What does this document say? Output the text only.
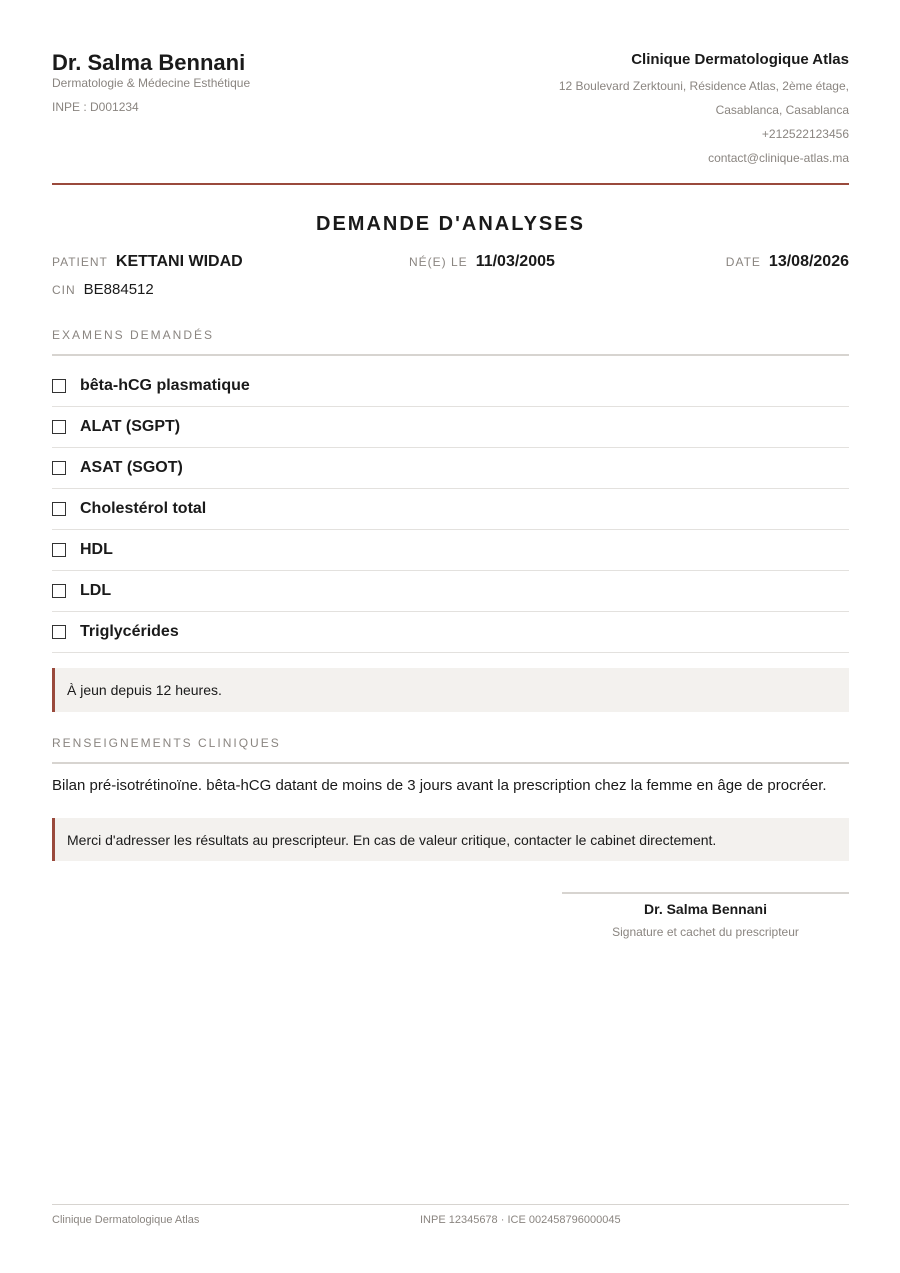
Dr. Salma Bennani
Dermatologie & Médecine Esthétique
INPE : D001234
Clinique Dermatologique Atlas
12 Boulevard Zerktouni, Résidence Atlas, 2ème étage,
Casablanca, Casablanca
+212522123456
contact@clinique-atlas.ma
DEMANDE D'ANALYSES
PATIENT KETTANI WIDAD	NÉ(E) LE 11/03/2005	DATE 13/08/2026
CIN BE884512
EXAMENS DEMANDÉS
bêta-hCG plasmatique
ALAT (SGPT)
ASAT (SGOT)
Cholestérol total
HDL
LDL
Triglycérides
À jeun depuis 12 heures.
RENSEIGNEMENTS CLINIQUES
Bilan pré-isotrétinoïne. bêta-hCG datant de moins de 3 jours avant la prescription chez la femme en âge de procréer.
Merci d'adresser les résultats au prescripteur. En cas de valeur critique, contacter le cabinet directement.
Dr. Salma Bennani
Signature et cachet du prescripteur
Clinique Dermatologique Atlas	INPE 12345678 · ICE 002458796000045
